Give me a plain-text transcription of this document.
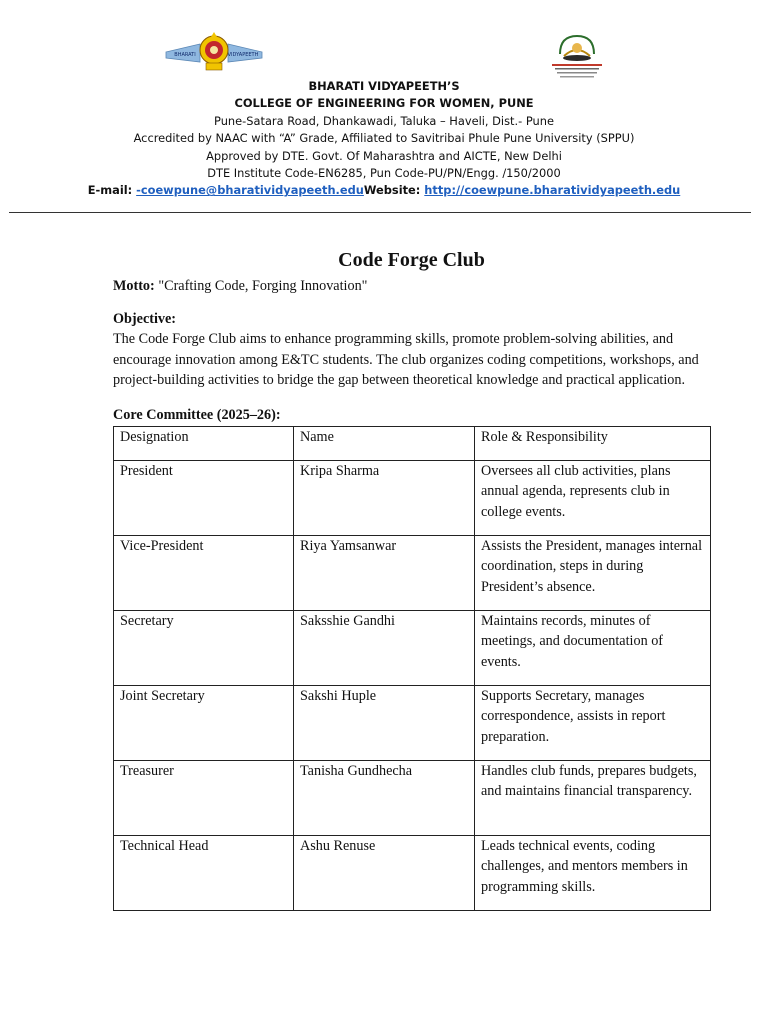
BHARATI	VIDYAPEETH
BHARATI VIDYAPEETH’S
COLLEGE OF ENGINEERING FOR WOMEN, PUNE
Pune-Satara Road, Dhankawadi, Taluka – Haveli, Dist.- Pune
Accredited by NAAC with “A” Grade, Affiliated to Savitribai Phule Pune University (SPPU)
Approved by DTE. Govt. Of Maharashtra and AICTE, New Delhi
DTE Institute Code-EN6285, Pun Code-PU/PN/Engg. /150/2000
E-mail: -coewpune@bharatividyapeeth.eduWebsite: http://coewpune.bharatividyapeeth.edu
Code Forge Club

Motto: "Crafting Code, Forging Innovation"

Objective:

The Code Forge Club aims to enhance programming skills, promote problem-solving abilities, and encourage innovation among E&TC students. The club organizes coding competitions, workshops, and project-building activities to bridge the gap between theoretical knowledge and practical application.

Core Committee (2025–26):

Designation	Name	Role & Responsibility
President	Kripa Sharma	Oversees all club activities, plans annual agenda, represents club in college events.
Vice-President	Riya Yamsanwar	Assists the President, manages internal coordination, steps in during President’s absence.
Secretary	Saksshie Gandhi	Maintains records, minutes of meetings, and documentation of events.
Joint Secretary	Sakshi Huple	Supports Secretary, manages correspondence, assists in report preparation.
Treasurer	Tanisha Gundhecha	Handles club funds, prepares budgets, and maintains financial transparency.
Technical Head	Ashu Renuse	Leads technical events, coding challenges, and mentors members in programming skills.
